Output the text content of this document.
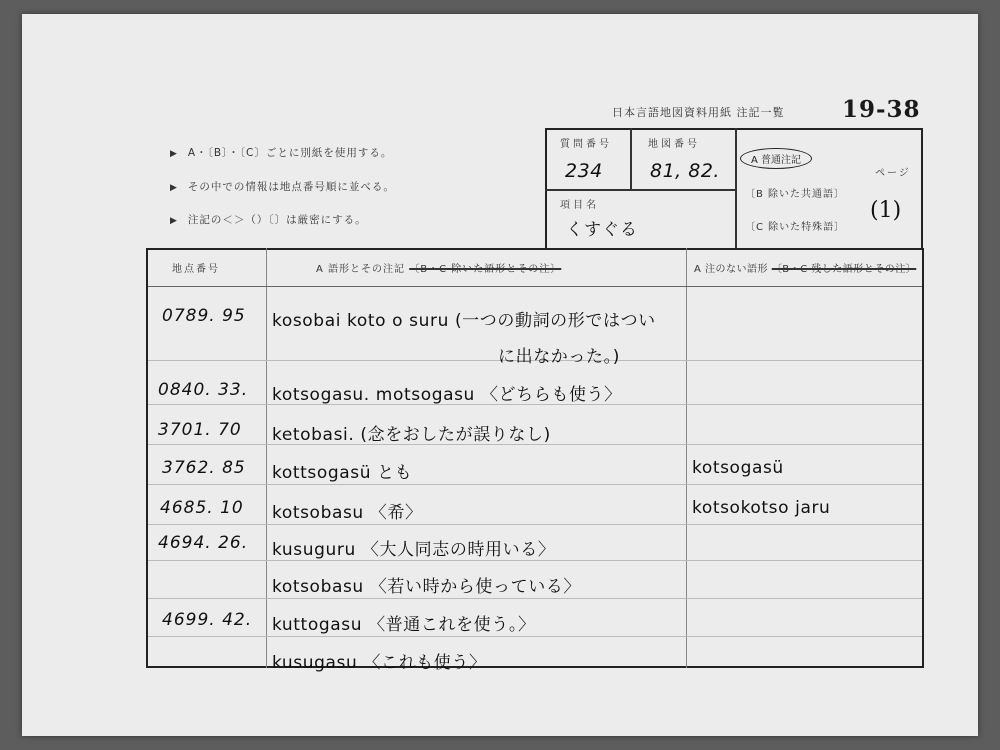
日本言語地図資料用紙 注記一覧	19-38
▶ A・〔B〕・〔C〕ごとに別紙を使用する。
▶ その中での情報は地点番号順に並べる。
▶ 注記の＜＞（）〔〕は厳密にする。
質問番号
234
地図番号
81, 82.
項目名
くすぐる
A 普通注記
〔B 除いた共通語〕
〔C 除いた特殊語〕
ページ
(1)
地点番号	A 語形とその注記 〔B・C 除いた語形とその注〕	A 注のない語形 〔B・C 残した語形とその注〕
0789. 95 kosobai koto o suru (一つの動詞の形ではつい
に出なかった。)
0840. 33. kotsogasu. motsogasu 〈どちらも使う〉
3701. 70 ketobasi. (念をおしたが誤りなし)
3762. 85 kottsogasü とも	kotsogasü
4685. 10 kotsobasu 〈希〉	kotsokotso jaru
4694. 26. kusuguru 〈大人同志の時用いる〉
kotsobasu 〈若い時から使っている〉
4699. 42. kuttogasu 〈普通これを使う。〉
kusugasu 〈これも使う〉
